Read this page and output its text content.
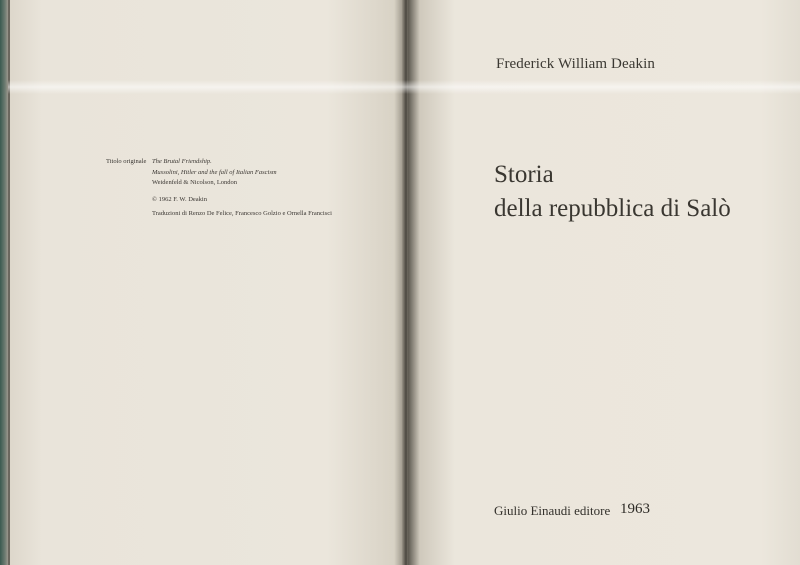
Titolo originale The Brutal Friendship.
Mussolini, Hitler and the fall of Italian Fascism
Weidenfeld & Nicolson, London
© 1962 F. W. Deakin
Traduzioni di Renzo De Felice, Francesco Golzio e Ornella Francisci
Frederick William Deakin
Storia
della repubblica di Salò
Giulio Einaudi editore 1963
